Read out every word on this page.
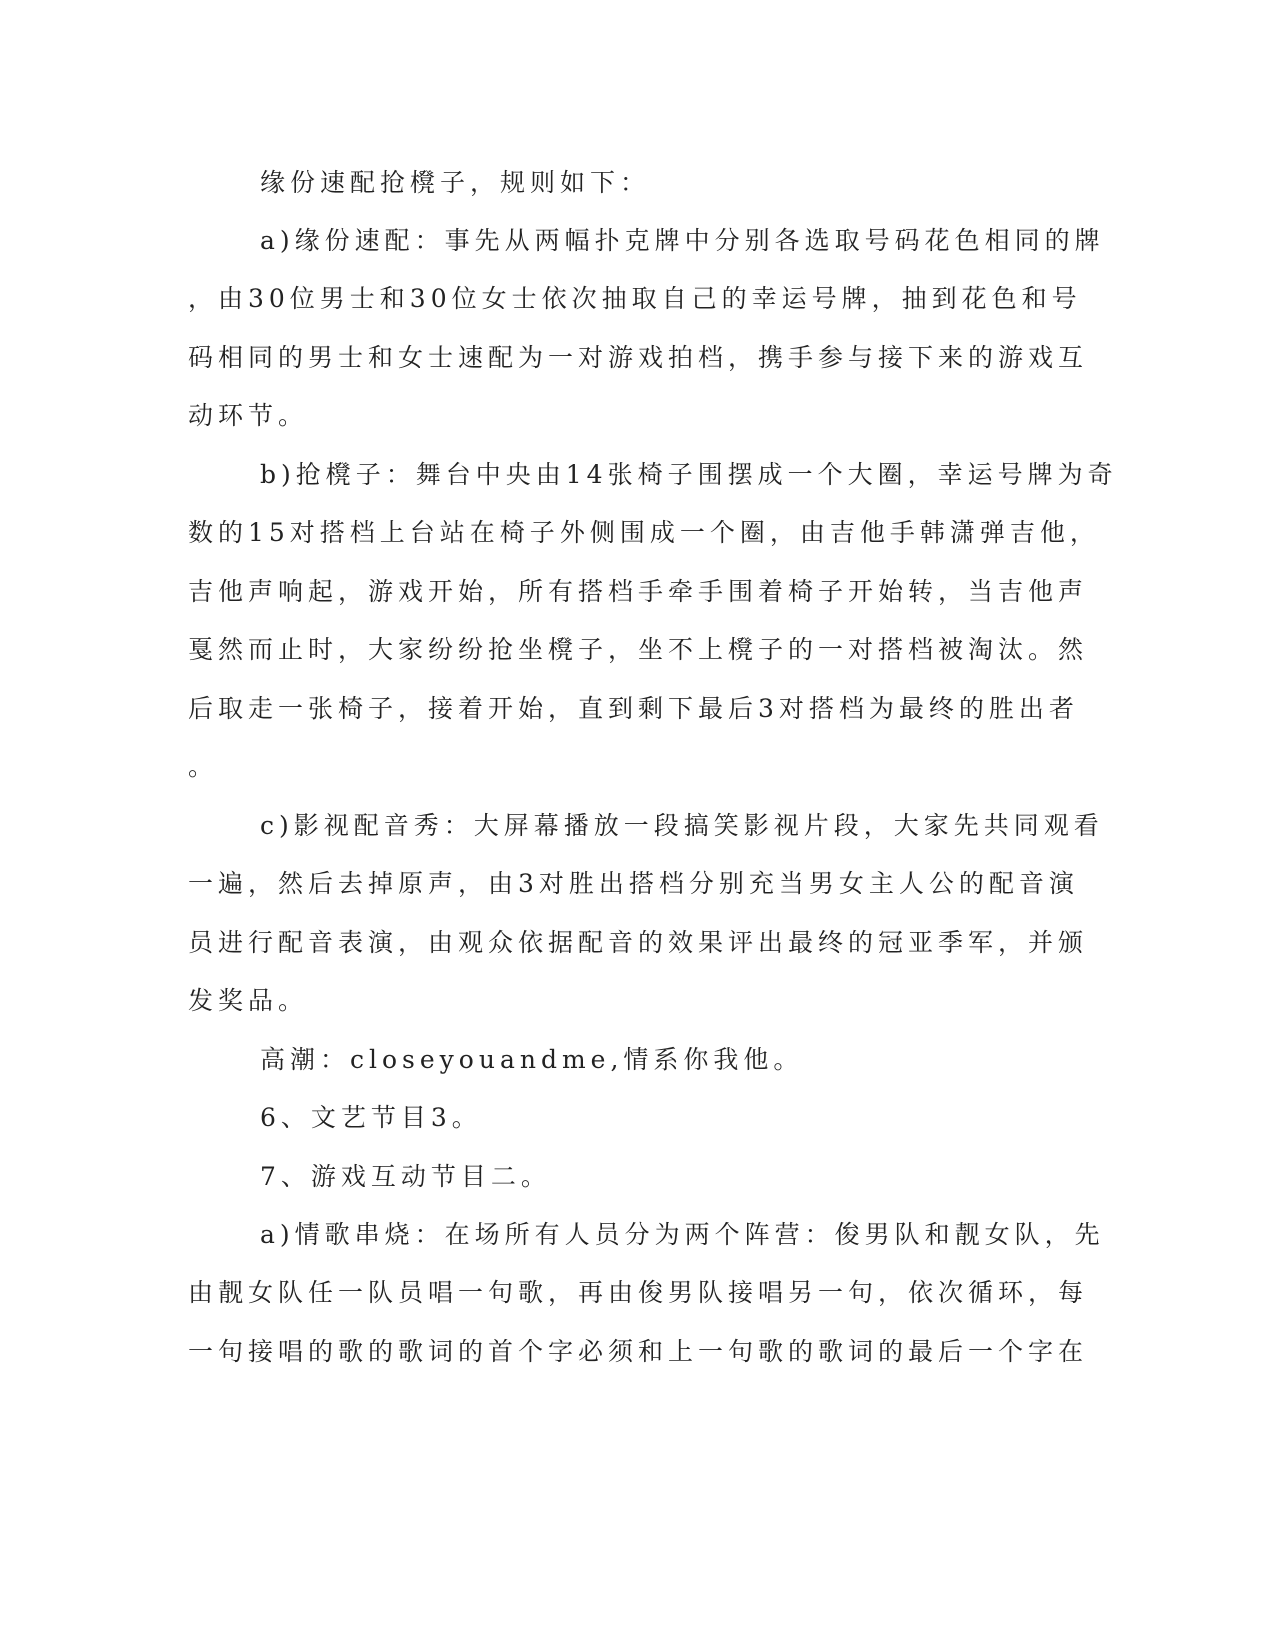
缘份速配抢櫈子，规则如下：
a)缘份速配：事先从两幅扑克牌中分别各选取号码花色相同的牌
，由30位男士和30位女士依次抽取自己的幸运号牌，抽到花色和号
码相同的男士和女士速配为一对游戏拍档，携手参与接下来的游戏互
动环节。
b)抢櫈子：舞台中央由14张椅子围摆成一个大圈，幸运号牌为奇
数的15对搭档上台站在椅子外侧围成一个圈，由吉他手韩潇弹吉他，
吉他声响起，游戏开始，所有搭档手牵手围着椅子开始转，当吉他声
戛然而止时，大家纷纷抢坐櫈子，坐不上櫈子的一对搭档被淘汰。然
后取走一张椅子，接着开始，直到剩下最后3对搭档为最终的胜出者
。
c)影视配音秀：大屏幕播放一段搞笑影视片段，大家先共同观看
一遍，然后去掉原声，由3对胜出搭档分别充当男女主人公的配音演
员进行配音表演，由观众依据配音的效果评出最终的冠亚季军，并颁
发奖品。
高潮：closeyouandme,情系你我他。
6、文艺节目3。
7、游戏互动节目二。
a)情歌串烧：在场所有人员分为两个阵营：俊男队和靓女队，先
由靓女队任一队员唱一句歌，再由俊男队接唱另一句，依次循环，每
一句接唱的歌的歌词的首个字必须和上一句歌的歌词的最后一个字在
